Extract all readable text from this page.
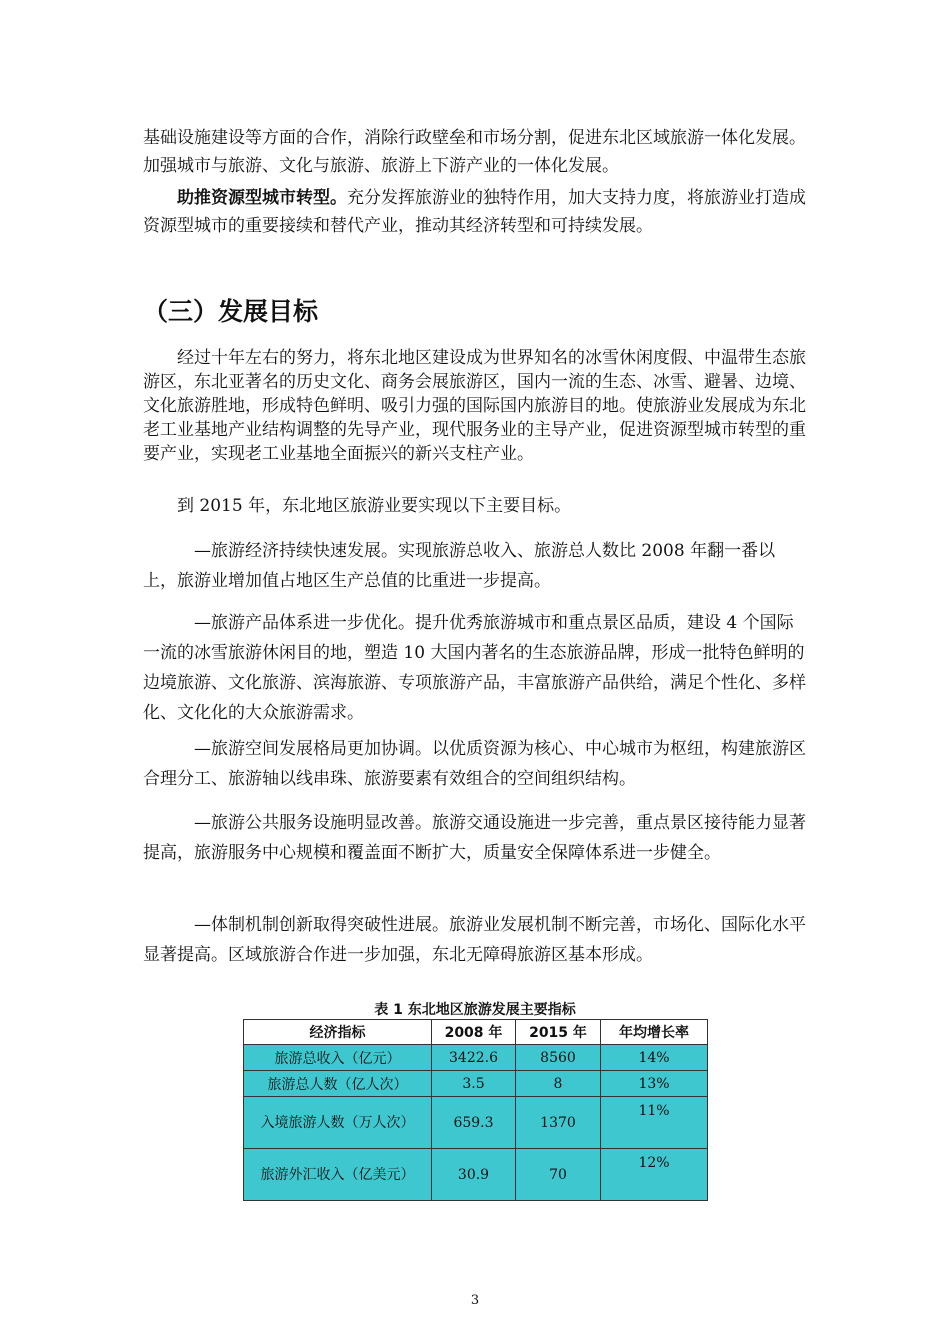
基础设施建设等方面的合作，消除行政壁垒和市场分割，促进东北区域旅游一体化发展。加强城市与旅游、文化与旅游、旅游上下游产业的一体化发展。

助推资源型城市转型。充分发挥旅游业的独特作用，加大支持力度，将旅游业打造成资源型城市的重要接续和替代产业，推动其经济转型和可持续发展。

（三）发展目标

经过十年左右的努力，将东北地区建设成为世界知名的冰雪休闲度假、中温带生态旅游区，东北亚著名的历史文化、商务会展旅游区，国内一流的生态、冰雪、避暑、边境、文化旅游胜地，形成特色鲜明、吸引力强的国际国内旅游目的地。使旅游业发展成为东北老工业基地产业结构调整的先导产业，现代服务业的主导产业，促进资源型城市转型的重要产业，实现老工业基地全面振兴的新兴支柱产业。

到 2015 年，东北地区旅游业要实现以下主要目标。

—旅游经济持续快速发展。实现旅游总收入、旅游总人数比 2008 年翻一番以上，旅游业增加值占地区生产总值的比重进一步提高。

—旅游产品体系进一步优化。提升优秀旅游城市和重点景区品质，建设 4 个国际一流的冰雪旅游休闲目的地，塑造 10 大国内著名的生态旅游品牌，形成一批特色鲜明的边境旅游、文化旅游、滨海旅游、专项旅游产品，丰富旅游产品供给，满足个性化、多样化、文化化的大众旅游需求。

—旅游空间发展格局更加协调。以优质资源为核心、中心城市为枢纽，构建旅游区合理分工、旅游轴以线串珠、旅游要素有效组合的空间组织结构。

—旅游公共服务设施明显改善。旅游交通设施进一步完善，重点景区接待能力显著提高，旅游服务中心规模和覆盖面不断扩大，质量安全保障体系进一步健全。

—体制机制创新取得突破性进展。旅游业发展机制不断完善，市场化、国际化水平显著提高。区域旅游合作进一步加强，东北无障碍旅游区基本形成。

表 1 东北地区旅游发展主要指标
经济指标	2008 年	2015 年	年均增长率
旅游总收入（亿元）	3422.6	8560	14%
旅游总人数（亿人次）	3.5	8	13%
入境旅游人数（万人次）	659.3	1370	11%
旅游外汇收入（亿美元）	30.9	70	12%
3
